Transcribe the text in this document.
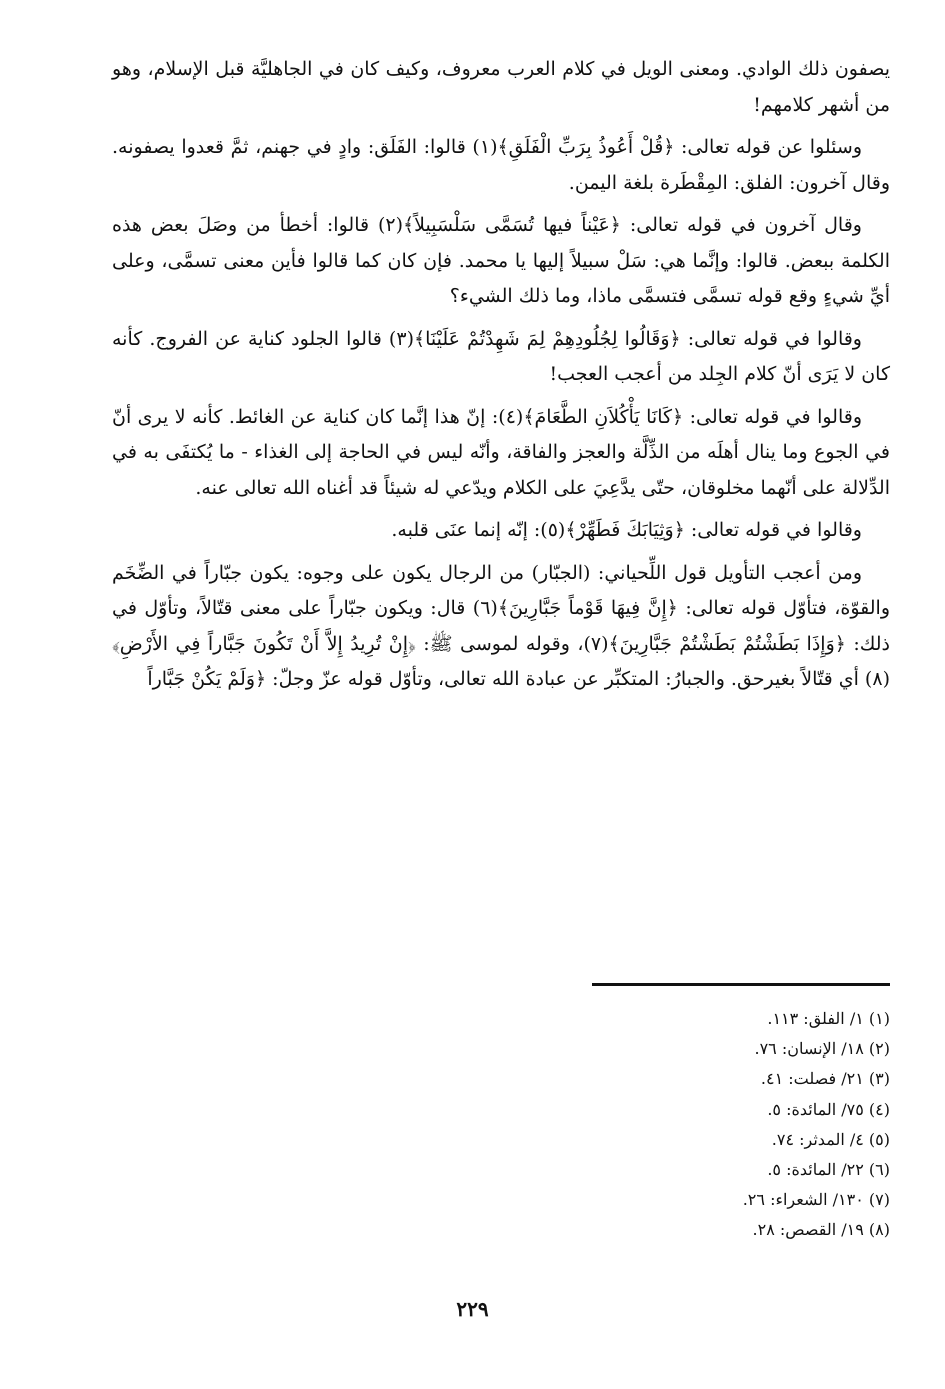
يصفون ذلك الوادي. ومعنى الويل في كلام العرب معروف، وكيف كان في الجاهليَّة قبل الإسلام، وهو من أشهر كلامهم!

وسئلوا عن قوله تعالى: ﴿قُلْ أَعُوذُ بِرَبِّ الْفَلَقِ﴾(١) قالوا: الفَلَق: وادٍ في جهنم، ثمَّ قعدوا يصفونه. وقال آخرون: الفلق: المِقْطَرة بلغة اليمن.

وقال آخرون في قوله تعالى: ﴿عَيْناً فيها تُسَمَّى سَلْسَبِيلاً﴾(٢) قالوا: أخطأ من وصَلَ بعض هذه الكلمة ببعض. قالوا: وإنَّما هي: سَلْ سبيلاً إليها يا محمد. فإن كان كما قالوا فأين معنى تسمَّى، وعلى أيِّ شيءٍ وقع قوله تسمَّى فتسمَّى ماذا، وما ذلك الشيء؟

وقالوا في قوله تعالى: ﴿وَقَالُوا لِجُلُودِهِمْ لِمَ شَهِدْتُمْ عَلَيْنَا﴾(٣) قالوا الجلود كناية عن الفروج. كأنه كان لا يَرَى أنّ كلام الجِلد من أعجب العجب!

وقالوا في قوله تعالى: ﴿كَانَا يَأْكُلاَنِ الطَّعَامَ﴾(٤): إنّ هذا إنَّما كان كناية عن الغائط. كأنه لا يرى أنّ في الجوع وما ينال أهلَه من الذِّلَّة والعجز والفاقة، وأنّه ليس في الحاجة إلى الغذاء - ما يُكتفَى به في الدِّلالة على أنّهما مخلوقان، حتّى يدَّعِيَ على الكلام ويدّعي له شيئاً قد أغناه الله تعالى عنه.

وقالوا في قوله تعالى: ﴿وَثِيَابَكَ فَطَهِّرْ﴾(٥): إنّه إنما عنَى قلبه.

ومن أعجب التأويل قول اللِّحياني: (الجبّار) من الرجال يكون على وجوه: يكون جبّاراً في الضِّخَم والقوّة، فتأوّل قوله تعالى: ﴿إِنَّ فِيهَا قَوْماً جَبَّارِينَ﴾(٦) قال: ويكون جبّاراً على معنى قتّالاً، وتأوّل في ذلك: ﴿وَإِذَا بَطَشْتُمْ بَطَشْتُمْ جَبَّارِينَ﴾(٧)، وقوله لموسى ﷺ: ﴿إِنْ تُرِيدُ إِلاَّ أَنْ تَكُونَ جَبَّاراً فِي الأَرْضِ﴾(٨) أي قتّالاً بغيرحق. والجبارُ: المتكبِّر عن عبادة الله تعالى، وتأوّل قوله عزّ وجلّ: ﴿وَلَمْ يَكُنْ جَبَّاراً

(١) ١/ الفلق: ١١٣.

(٢) ١٨/ الإنسان: ٧٦.

(٣) ٢١/ فصلت: ٤١.

(٤) ٧٥/ المائدة: ٥.

(٥) ٤/ المدثر: ٧٤.

(٦) ٢٢/ المائدة: ٥.

(٧) ١٣٠/ الشعراء: ٢٦.

(٨) ١٩/ القصص: ٢٨.

٢٢٩
